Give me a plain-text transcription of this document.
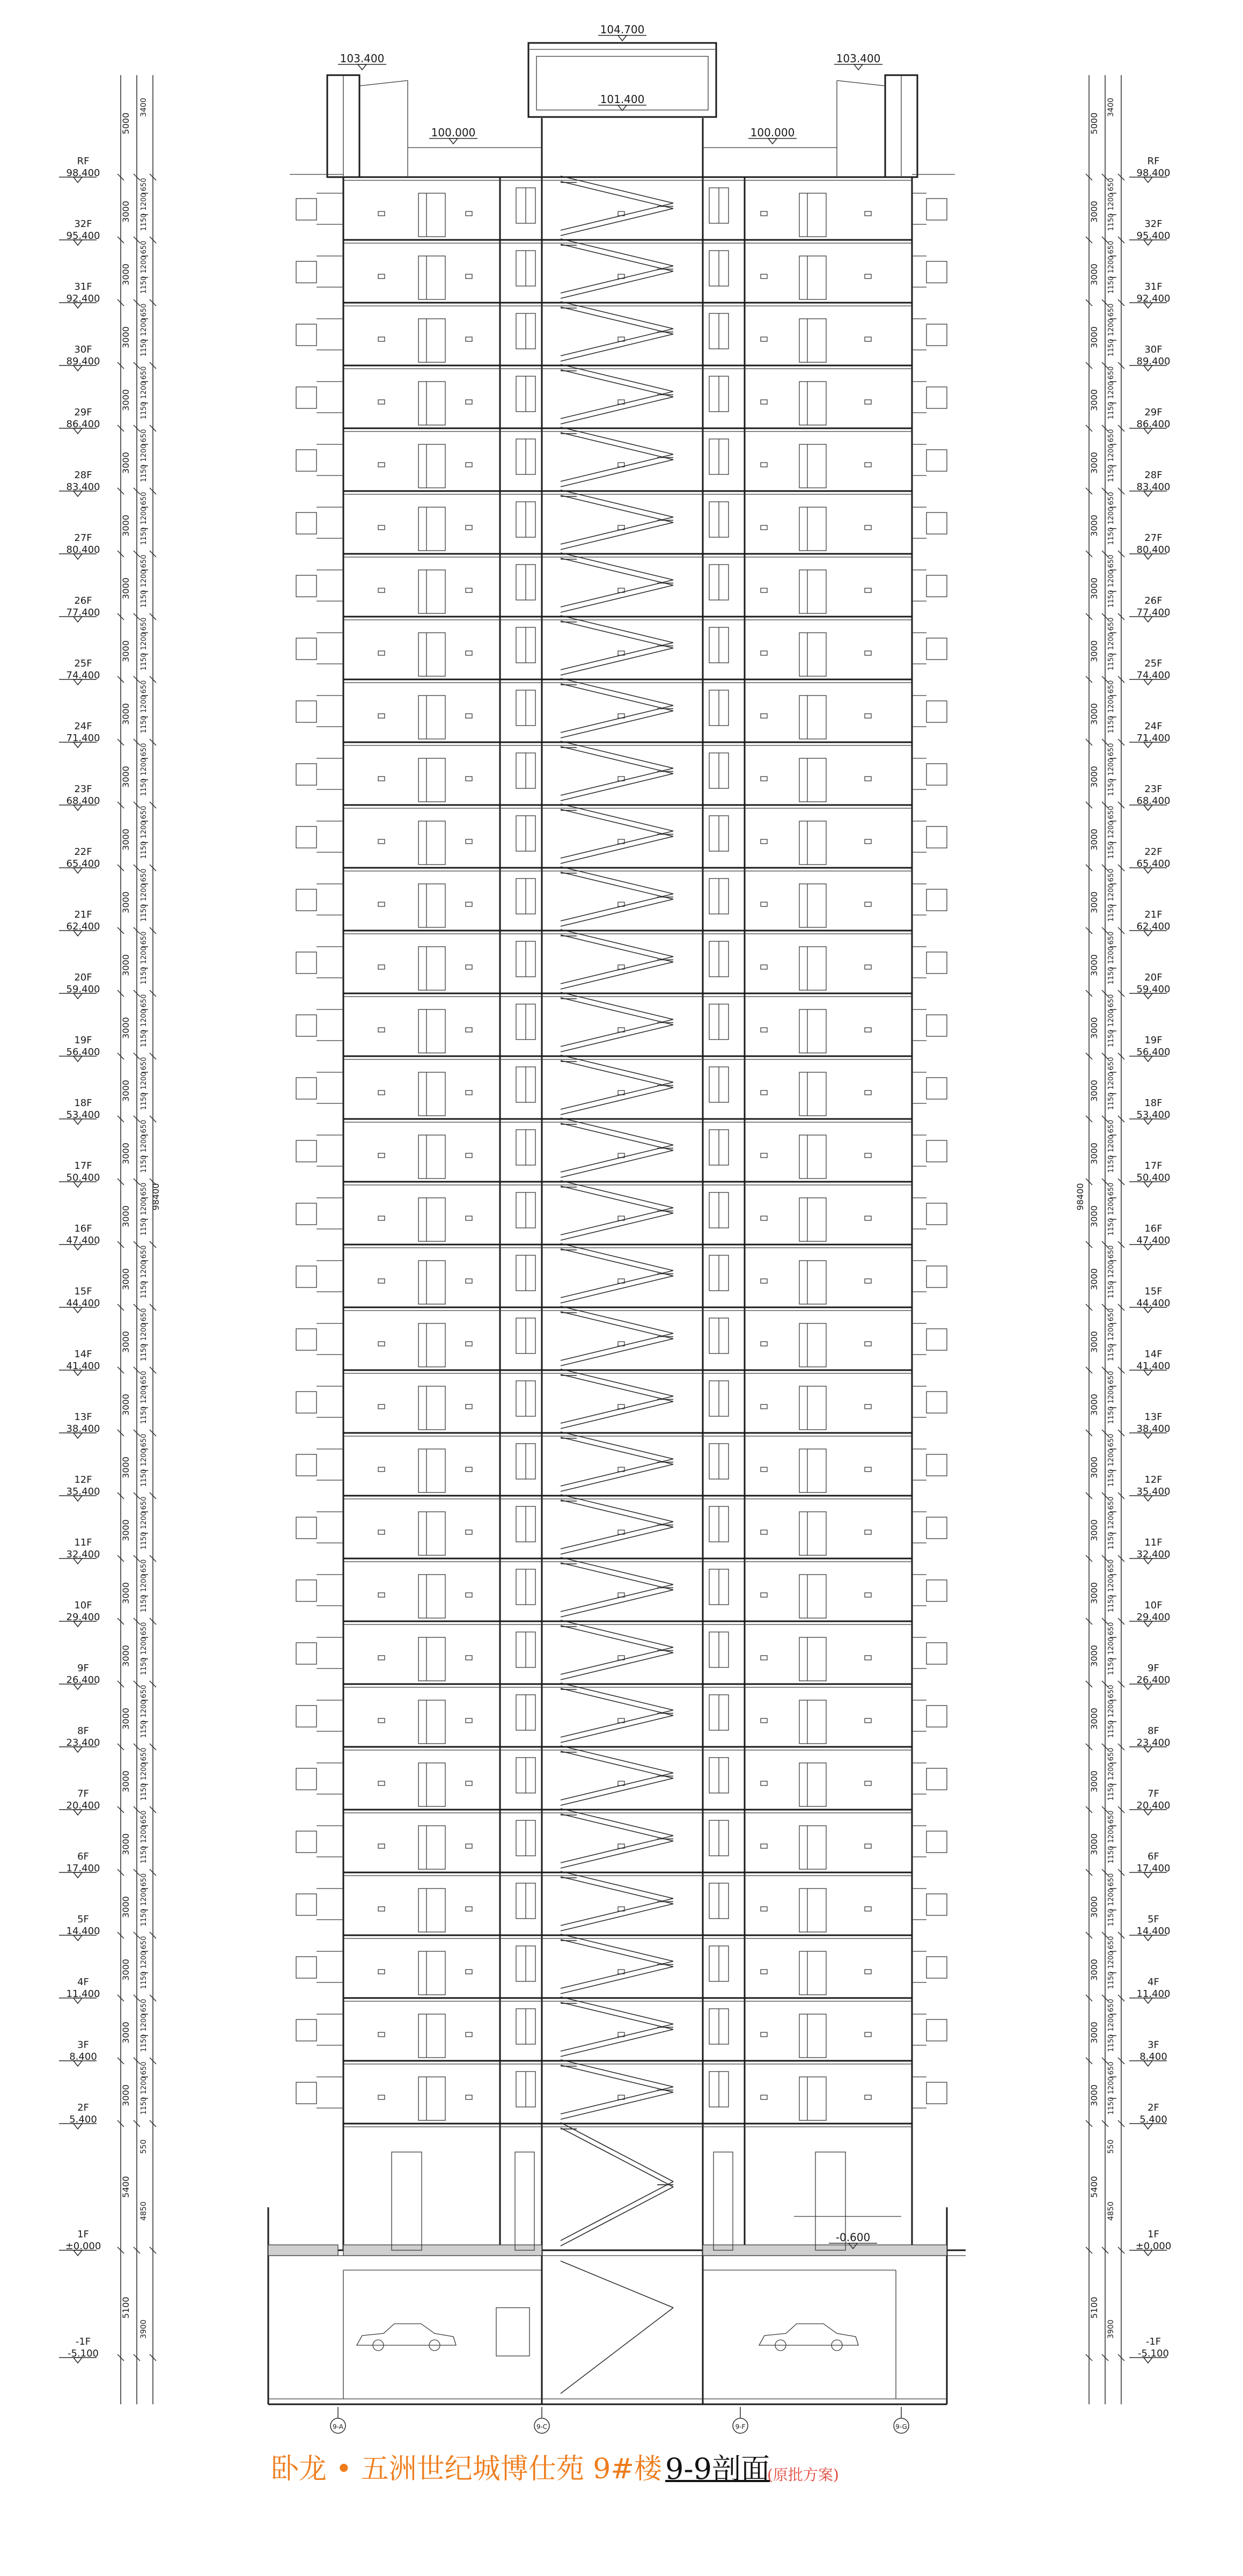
9-A	9-C	9-F	9-G
RF
98.400
RF
98.400
32F
95.400
32F
95.400
31F
92.400
31F
92.400
30F
89.400
30F
89.400
29F
86.400
29F
86.400
28F
83.400
28F
83.400
27F
80.400
27F
80.400
26F
77.400
26F
77.400
25F
74.400
25F
74.400
24F
71.400
24F
71.400
23F
68.400
23F
68.400
22F
65.400
22F
65.400
21F
62.400
21F
62.400
20F
59.400
20F
59.400
19F
56.400
19F
56.400
18F
53.400
18F
53.400
17F
50.400
17F
50.400
16F
47.400
16F
47.400
15F
44.400
15F
44.400
14F
41.400
14F
41.400
13F
38.400
13F
38.400
12F
35.400
12F
35.400
11F
32.400
11F
32.400
10F
29.400
10F
29.400
9F
26.400
9F
26.400
8F
23.400
8F
23.400
7F
20.400
7F
20.400
6F
17.400
6F
17.400
5F
14.400
5F
14.400
4F
11.400
4F
11.400
3F
8.400
3F
8.400
2F
5.400
2F
5.400
1F
±0.000
1F
±0.000
-1F
-5.100
-1F
-5.100
3000	3000
1150
1200
650
1150
1200
650
3000	3000
1150
1200
650
1150
1200
650
3000	3000
1150
1200
650
1150
1200
650
3000	3000
1150
1200
650
1150
1200
650
3000	3000
1150
1200
650
1150
1200
650
3000	3000
1150
1200
650
1150
1200
650
3000	3000
1150
1200
650
1150
1200
650
3000	3000
1150
1200
650
1150
1200
650
3000	3000
1150
1200
650
1150
1200
650
3000	3000
1150
1200
650
1150
1200
650
3000	3000
1150
1200
650
1150
1200
650
3000	3000
1150
1200
650
1150
1200
650
3000	3000
1150
1200
650
1150
1200
650
3000	3000
1150
1200
650
1150
1200
650
3000	3000
1150
1200
650
1150
1200
650
3000	3000
1150
1200
650
1150
1200
650
3000	3000
1150
1200
650
1150
1200
650
3000	3000
1150
1200
650
1150
1200
650
3000	3000
1150
1200
650
1150
1200
650
3000	3000
1150
1200
650
1150
1200
650
3000	3000
1150
1200
650
1150
1200
650
3000	3000
1150
1200
650
1150
1200
650
3000	3000
1150
1200
650
1150
1200
650
3000	3000
1150
1200
650
1150
1200
650
3000	3000
1150
1200
650
1150
1200
650
3000	3000
1150
1200
650
1150
1200
650
3000	3000
1150
1200
650
1150
1200
650
3000	3000
1150
1200
650
1150
1200
650
3000	3000
1150
1200
650
1150
1200
650
3000	3000
1150
1200
650
1150
1200
650
3000	3000
1150
1200
650
1150
1200
650
5400	5400
4850	4850
550	550
5100	5100
3900	3900
5000	5000
3400	3400
98400	98400
104.700
101.400
103.400	103.400
100.000	100.000
-0.600
卧龙 • 五洲世纪城博仕苑 9#楼 9-9剖面
(原批方案)
